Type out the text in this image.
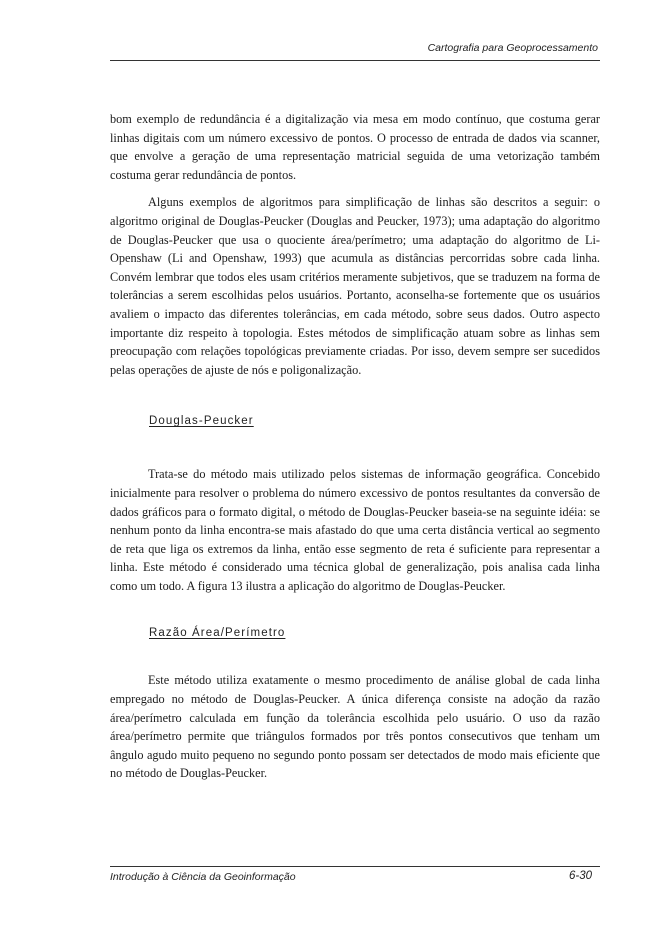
Cartografia para Geoprocessamento

bom exemplo de redundância é a digitalização via mesa em modo contínuo, que costuma gerar linhas digitais com um número excessivo de pontos. O processo de entrada de dados via scanner, que envolve a geração de uma representação matricial seguida de uma vetorização também costuma gerar redundância de pontos.

Alguns exemplos de algoritmos para simplificação de linhas são descritos a seguir: o algoritmo original de Douglas-Peucker (Douglas and Peucker, 1973); uma adaptação do algoritmo de Douglas-Peucker que usa o quociente área/perímetro; uma adaptação do algoritmo de Li-Openshaw (Li and Openshaw, 1993) que acumula as distâncias percorridas sobre cada linha. Convém lembrar que todos eles usam critérios meramente subjetivos, que se traduzem na forma de tolerâncias a serem escolhidas pelos usuários. Portanto, aconselha-se fortemente que os usuários avaliem o impacto das diferentes tolerâncias, em cada método, sobre seus dados. Outro aspecto importante diz respeito à topologia. Estes métodos de simplificação atuam sobre as linhas sem preocupação com relações topológicas previamente criadas. Por isso, devem sempre ser sucedidos pelas operações de ajuste de nós e poligonalização.

Douglas-Peucker

Trata-se do método mais utilizado pelos sistemas de informação geográfica. Concebido inicialmente para resolver o problema do número excessivo de pontos resultantes da conversão de dados gráficos para o formato digital, o método de Douglas-Peucker baseia-se na seguinte idéia: se nenhum ponto da linha encontra-se mais afastado do que uma certa distância vertical ao segmento de reta que liga os extremos da linha, então esse segmento de reta é suficiente para representar a linha. Este método é considerado uma técnica global de generalização, pois analisa cada linha como um todo. A figura 13 ilustra a aplicação do algoritmo de Douglas-Peucker.

Razão Área/Perímetro

Este método utiliza exatamente o mesmo procedimento de análise global de cada linha empregado no método de Douglas-Peucker. A única diferença consiste na adoção da razão área/perímetro calculada em função da tolerância escolhida pelo usuário. O uso da razão área/perímetro permite que triângulos formados por três pontos consecutivos que tenham um ângulo agudo muito pequeno no segundo ponto possam ser detectados de modo mais eficiente que no método de Douglas-Peucker.

Introdução à Ciência da Geoinformação	6-30
